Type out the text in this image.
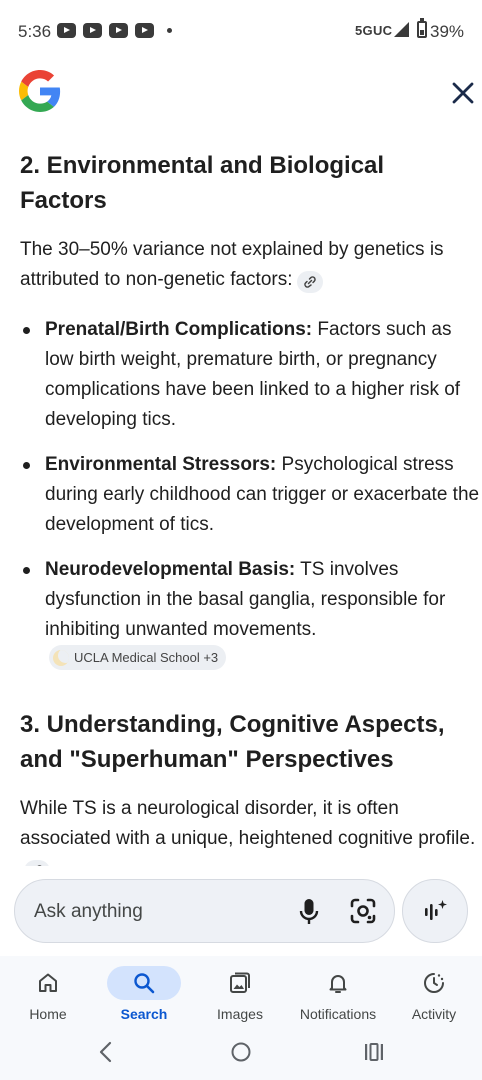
5:36	5GUC 39%
2. Environmental and Biological Factors

The 30–50% variance not explained by genetics is attributed to non-genetic factors:

Prenatal/Birth Complications: Factors such as low birth weight, premature birth, or pregnancy complications have been linked to a higher risk of developing tics.
Environmental Stressors: Psychological stress during early childhood can trigger or exacerbate the development of tics.
Neurodevelopmental Basis: TS involves dysfunction in the basal ganglia, responsible for inhibiting unwanted movements.
UCLA Medical School +3
3. Understanding, Cognitive Aspects, and "Superhuman" Perspectives

While TS is a neurological disorder, it is often associated with a unique, heightened cognitive profile.

Ask anything
Home	Search	Images	Notifications	Activity
